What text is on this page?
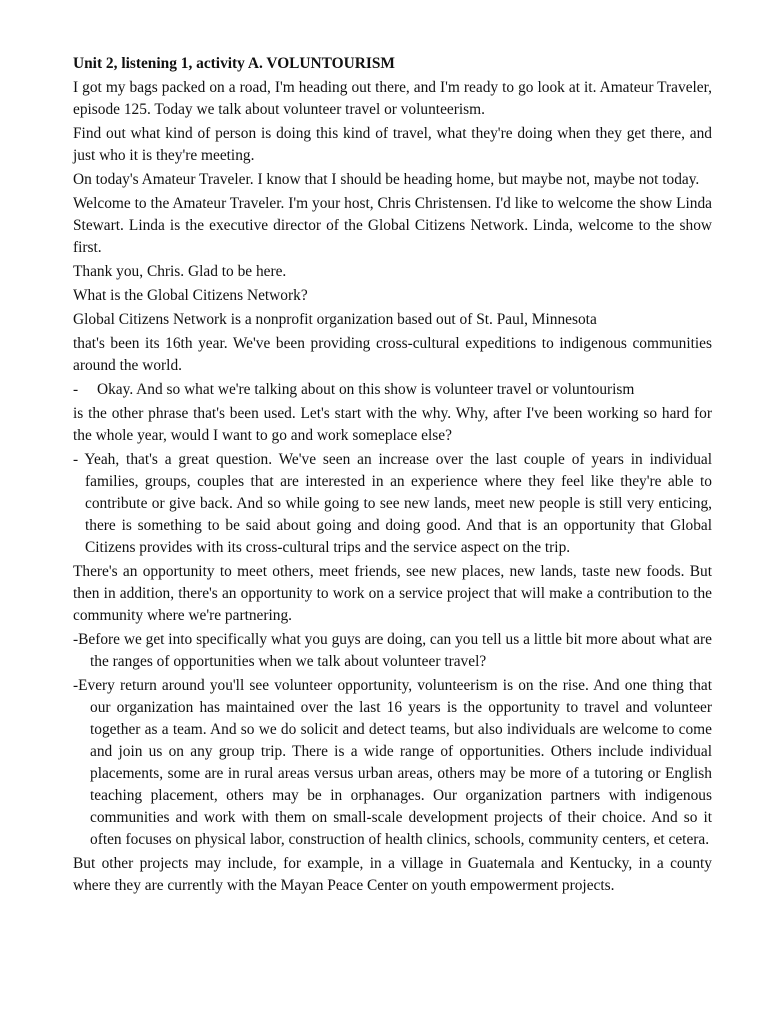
Unit 2, listening 1, activity A. VOLUNTOURISM

I got my bags packed on a road, I'm heading out there, and I'm ready to go look at it. Amateur Traveler, episode 125. Today we talk about volunteer travel or volunteerism.

Find out what kind of person is doing this kind of travel, what they're doing when they get there, and just who it is they're meeting.

On today's Amateur Traveler. I know that I should be heading home, but maybe not, maybe not today.

Welcome to the Amateur Traveler. I'm your host, Chris Christensen. I'd like to welcome the show Linda Stewart. Linda is the executive director of the Global Citizens Network. Linda, welcome to the show first.

Thank you, Chris. Glad to be here.

What is the Global Citizens Network?

Global Citizens Network is a nonprofit organization based out of St. Paul, Minnesota

that's been its 16th year. We've been providing cross-cultural expeditions to indigenous communities around the world.

- Okay. And so what we're talking about on this show is volunteer travel or voluntourism

is the other phrase that's been used. Let's start with the why. Why, after I've been working so hard for the whole year, would I want to go and work someplace else?

- Yeah, that's a great question. We've seen an increase over the last couple of years in individual families, groups, couples that are interested in an experience where they feel like they're able to contribute or give back. And so while going to see new lands, meet new people is still very enticing, there is something to be said about going and doing good. And that is an opportunity that Global Citizens provides with its cross-cultural trips and the service aspect on the trip.

There's an opportunity to meet others, meet friends, see new places, new lands, taste new foods. But then in addition, there's an opportunity to work on a service project that will make a contribution to the community where we're partnering.

-Before we get into specifically what you guys are doing, can you tell us a little bit more about what are the ranges of opportunities when we talk about volunteer travel?

-Every return around you'll see volunteer opportunity, volunteerism is on the rise. And one thing that our organization has maintained over the last 16 years is the opportunity to travel and volunteer together as a team. And so we do solicit and detect teams, but also individuals are welcome to come and join us on any group trip. There is a wide range of opportunities. Others include individual placements, some are in rural areas versus urban areas, others may be more of a tutoring or English teaching placement, others may be in orphanages. Our organization partners with indigenous communities and work with them on small-scale development projects of their choice. And so it often focuses on physical labor, construction of health clinics, schools, community centers, et cetera.

But other projects may include, for example, in a village in Guatemala and Kentucky, in a county where they are currently with the Mayan Peace Center on youth empowerment projects.
